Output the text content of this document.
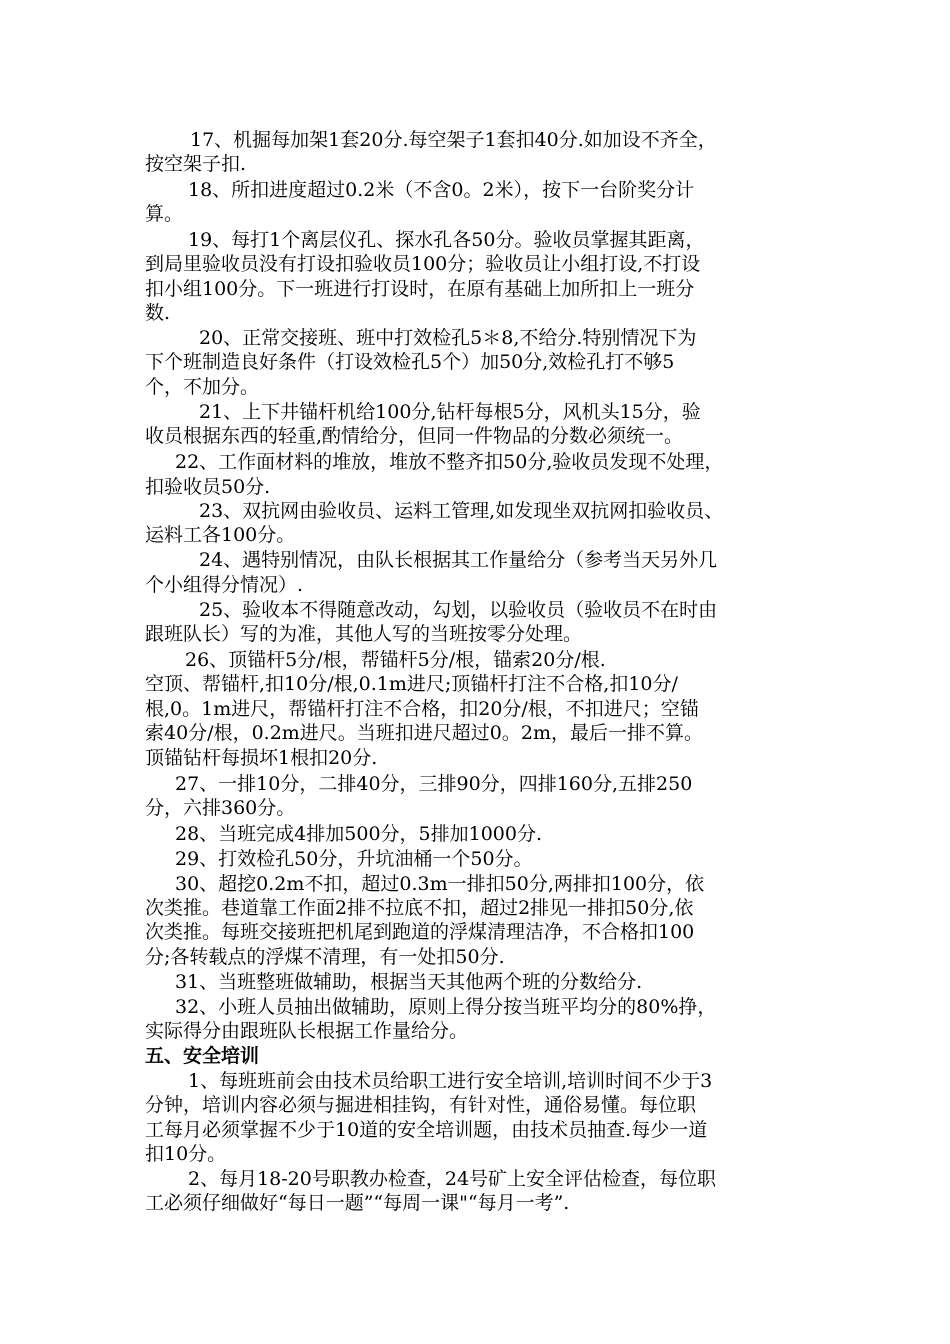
17、机掘每加架1套20分.每空架子1套扣40分.如加设不齐全，
按空架子扣.
18、所扣进度超过0.2米（不含0。2米），按下一台阶奖分计
算。
19、每打1个离层仪孔、探水孔各50分。验收员掌握其距离，
到局里验收员没有打设扣验收员100分；验收员让小组打设,不打设
扣小组100分。下一班进行打设时，在原有基础上加所扣上一班分
数.
20、正常交接班、班中打效检孔5＊8,不给分.特别情况下为
下个班制造良好条件（打设效检孔5个）加50分,效检孔打不够5
个，不加分。
21、上下井锚杆机给100分,钻杆每根5分，风机头15分，验
收员根据东西的轻重,酌情给分，但同一件物品的分数必须统一。
22、工作面材料的堆放，堆放不整齐扣50分,验收员发现不处理，
扣验收员50分.
23、双抗网由验收员、运料工管理,如发现坐双抗网扣验收员、
运料工各100分。
24、遇特别情况，由队长根据其工作量给分（参考当天另外几
个小组得分情况）.
25、验收本不得随意改动，勾划，以验收员（验收员不在时由
跟班队长）写的为准，其他人写的当班按零分处理。
26、顶锚杆5分/根，帮锚杆5分/根，锚索20分/根.
空顶、帮锚杆,扣10分/根,0.1m进尺;顶锚杆打注不合格,扣10分/
根,0。1m进尺，帮锚杆打注不合格，扣20分/根，不扣进尺；空锚
索40分/根，0.2m进尺。当班扣进尺超过0。2m，最后一排不算。
顶锚钻杆每损坏1根扣20分.
27、一排10分，二排40分，三排90分，四排160分,五排250
分，六排360分。
28、当班完成4排加500分，5排加1000分.
29、打效检孔50分，升坑油桶一个50分。
30、超挖0.2m不扣，超过0.3m一排扣50分,两排扣100分，依
次类推。巷道靠工作面2排不拉底不扣，超过2排见一排扣50分,依
次类推。每班交接班把机尾到跑道的浮煤清理洁净，不合格扣100
分;各转载点的浮煤不清理，有一处扣50分.
31、当班整班做辅助，根据当天其他两个班的分数给分.
32、小班人员抽出做辅助，原则上得分按当班平均分的80%挣，
实际得分由跟班队长根据工作量给分。
五、安全培训
1、每班班前会由技术员给职工进行安全培训,培训时间不少于3
分钟，培训内容必须与掘进相挂钩，有针对性，通俗易懂。每位职
工每月必须掌握不少于10道的安全培训题，由技术员抽查.每少一道
扣10分。
2、每月18-20号职教办检查，24号矿上安全评估检查，每位职
工必须仔细做好“每日一题”“每周一课"“每月一考”.
